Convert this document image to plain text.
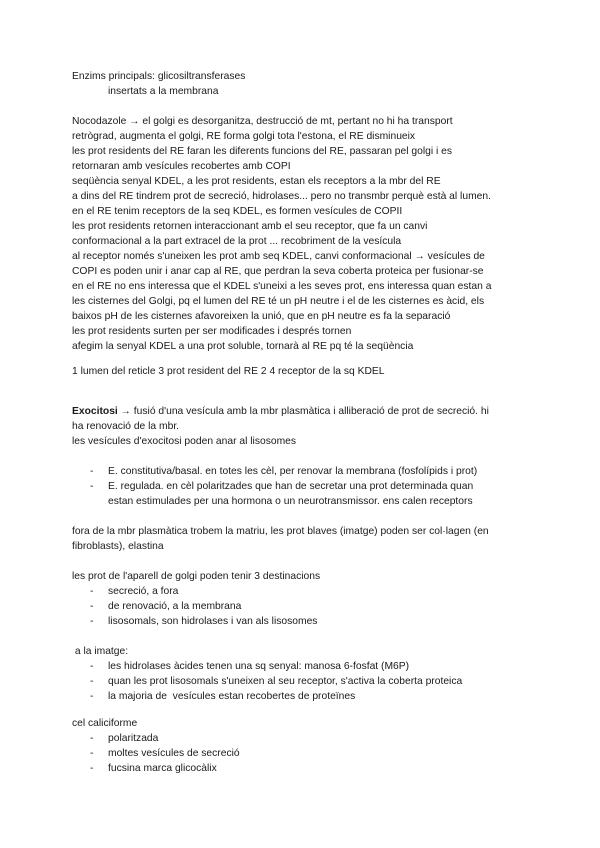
Enzims principals: glicosiltransferases
insertats a la membrana
Nocodazole → el golgi es desorganitza, destrucció de mt, pertant no hi ha transport
retrògrad, augmenta el golgi, RE forma golgi tota l'estona, el RE disminueix
les prot residents del RE faran les diferents funcions del RE, passaran pel golgi i es
retornaran amb vesícules recobertes amb COPI
seqüència senyal KDEL, a les prot residents, estan els receptors a la mbr del RE
a dins del RE tindrem prot de secreció, hidrolases... pero no transmbr perquè està al lumen.
en el RE tenim receptors de la seq KDEL, es formen vesícules de COPII
les prot residents retornen interaccionant amb el seu receptor, que fa un canvi
conformacional a la part extracel de la prot ... recobriment de la vesícula
al receptor només s'uneixen les prot amb seq KDEL, canvi conformacional → vesícules de
COPI es poden unir i anar cap al RE, que perdran la seva coberta proteica per fusionar-se
en el RE no ens interessa que el KDEL s'uneixi a les seves prot, ens interessa quan estan a
les cisternes del Golgi, pq el lumen del RE té un pH neutre i el de les cisternes es àcid, els
baixos pH de les cisternes afavoreixen la unió, que en pH neutre es fa la separació
les prot residents surten per ser modificades i després tornen
afegim la senyal KDEL a una prot soluble, tornarà al RE pq té la seqüència
1 lumen del reticle 3 prot resident del RE 2 4 receptor de la sq KDEL
Exocitosi → fusió d'una vesícula amb la mbr plasmàtica i alliberació de prot de secreció. hi
ha renovació de la mbr.
les vesícules d'exocitosi poden anar al lisosomes
-	E. constitutiva/basal. en totes les cèl, per renovar la membrana (fosfolípids i prot)
-	E. regulada. en cèl polaritzades que han de secretar una prot determinada quan
estan estimulades per una hormona o un neurotransmissor. ens calen receptors
fora de la mbr plasmàtica trobem la matriu, les prot blaves (imatge) poden ser col·lagen (en
fibroblasts), elastina
les prot de l'aparell de golgi poden tenir 3 destinacions
-	secreció, a fora
-	de renovació, a la membrana
-	lisosomals, son hidrolases i van als lisosomes
a la imatge:
-	les hidrolases àcides tenen una sq senyal: manosa 6-fosfat (M6P)
-	quan les prot lisosomals s'uneixen al seu receptor, s'activa la coberta proteica
-	la majoria de  vesícules estan recobertes de proteïnes
cel caliciforme
-	polaritzada
-	moltes vesícules de secreció
-	fucsina marca glicocàlix
